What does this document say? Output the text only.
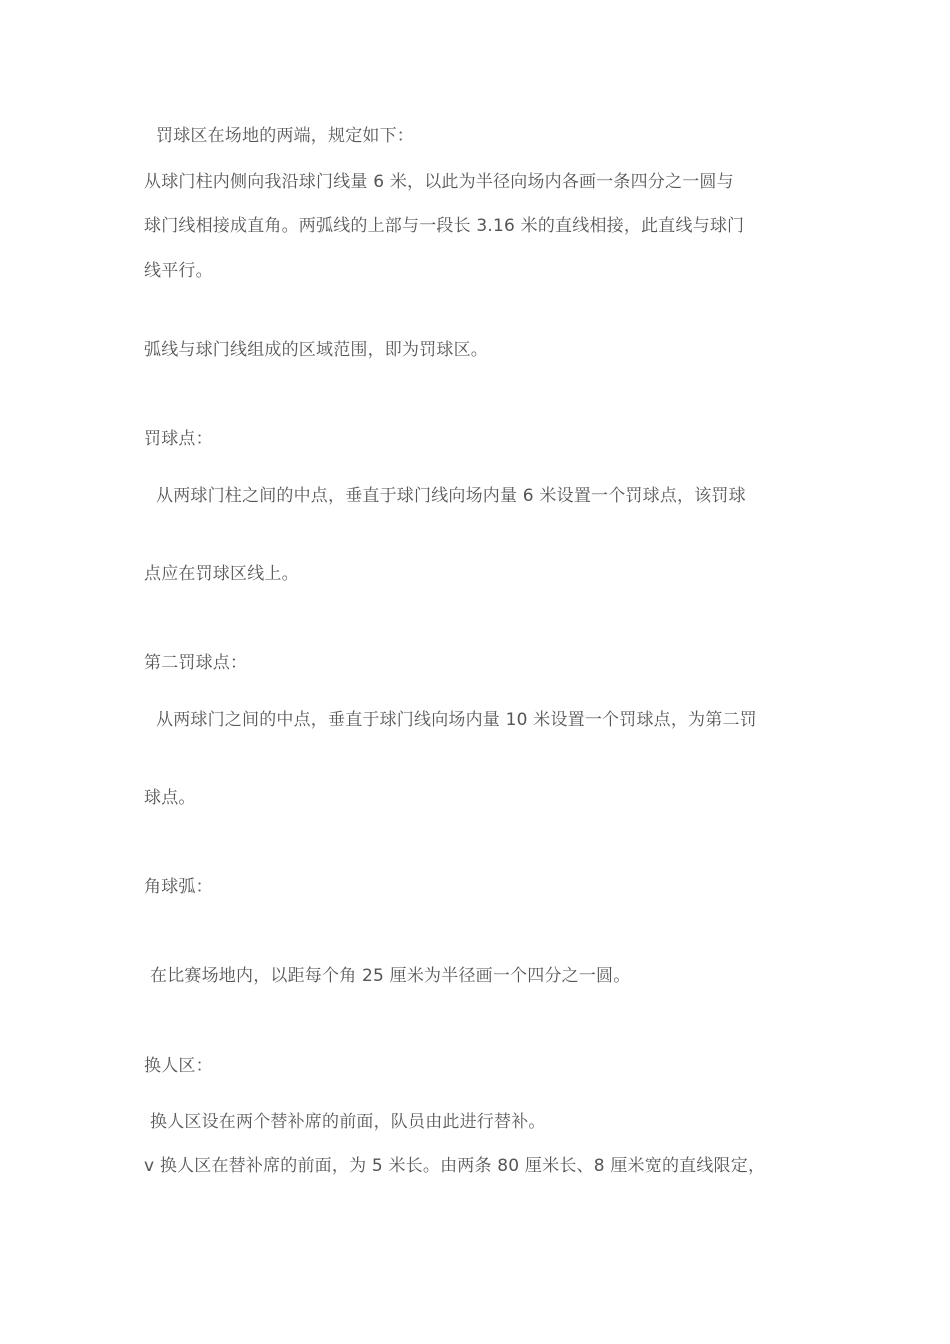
罚球区在场地的两端，规定如下：
从球门柱内侧向我沿球门线量 6 米，以此为半径向场内各画一条四分之一圆与
球门线相接成直角。两弧线的上部与一段长 3.16 米的直线相接，此直线与球门
线平行。
弧线与球门线组成的区域范围，即为罚球区。
罚球点：
从两球门柱之间的中点，垂直于球门线向场内量 6 米设置一个罚球点，该罚球
点应在罚球区线上。
第二罚球点：
从两球门之间的中点，垂直于球门线向场内量 10 米设置一个罚球点，为第二罚
球点。
角球弧：
在比赛场地内，以距每个角 25 厘米为半径画一个四分之一圆。
换人区：
换人区设在两个替补席的前面，队员由此进行替补。
v 换人区在替补席的前面，为 5 米长。由两条 80 厘米长、8 厘米宽的直线限定，
